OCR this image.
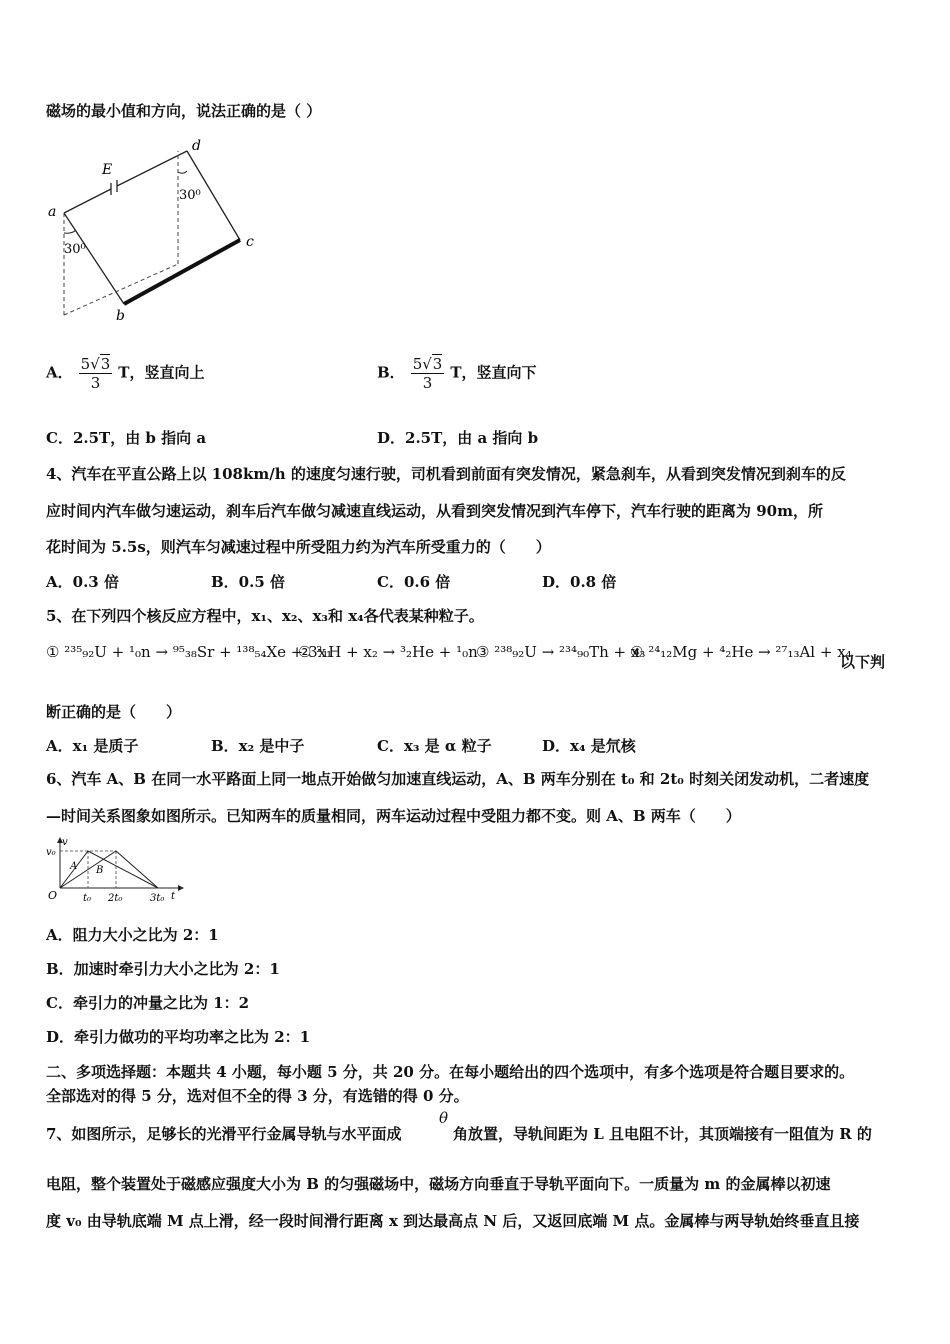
磁场的最小值和方向，说法正确的是（ ）
E
a
d
c
b
30⁰
30⁰
A． $\frac{5√3}{3}$ T，竖直向上	B． $\frac{5√3}{3}$ T，竖直向下
C．2.5T，由 b 指向 a	D．2.5T，由 a 指向 b
4、汽车在平直公路上以 108km/h 的速度匀速行驶，司机看到前面有突发情况，紧急刹车，从看到突发情况到刹车的反
应时间内汽车做匀速运动，刹车后汽车做匀减速直线运动，从看到突发情况到汽车停下，汽车行驶的距离为 90m，所
花时间为 5.5s，则汽车匀减速过程中所受阻力约为汽车所受重力的（　　）
A．0.3 倍	B．0.5 倍	C．0.6 倍	D．0.8 倍
5、在下列四个核反应方程中，x₁、x₂、x₃和 x₄各代表某种粒子。
① ²³⁵₉₂U + ¹₀n → ⁹⁵₃₈Sr + ¹³⁸₅₄Xe + 3x₁
② ²₁H + x₂ → ³₂He + ¹₀n
③ ²³⁸₉₂U → ²³⁴₉₀Th + x₃
④ ²⁴₁₂Mg + ⁴₂He → ²⁷₁₃Al + x₄
以下判
断正确的是（　　）
A．x₁ 是质子	B．x₂ 是中子	C．x₃ 是 α 粒子	D．x₄ 是氘核
6、汽车 A、B 在同一水平路面上同一地点开始做匀加速直线运动，A、B 两车分别在 t₀ 和 2t₀ 时刻关闭发动机，二者速度
—时间关系图象如图所示。已知两车的质量相同，两车运动过程中受阻力都不变。则 A、B 两车（　　）
v
v₀
O
A B
t₀ 2t₀	3t₀ t
A．阻力大小之比为 2：1
B．加速时牵引力大小之比为 2：1
C．牵引力的冲量之比为 1：2
D．牵引力做功的平均功率之比为 2：1
二、多项选择题：本题共 4 小题，每小题 5 分，共 20 分。在每小题给出的四个选项中，有多个选项是符合题目要求的。
全部选对的得 5 分，选对但不全的得 3 分，有选错的得 0 分。
7、如图所示，足够长的光滑平行金属导轨与水平面成
θ
角放置，导轨间距为 L 且电阻不计，其顶端接有一阻值为 R 的
电阻，整个装置处于磁感应强度大小为 B 的匀强磁场中，磁场方向垂直于导轨平面向下。一质量为 m 的金属棒以初速
度 v₀ 由导轨底端 M 点上滑，经一段时间滑行距离 x 到达最高点 N 后，又返回底端 M 点。金属棒与两导轨始终垂直且接
